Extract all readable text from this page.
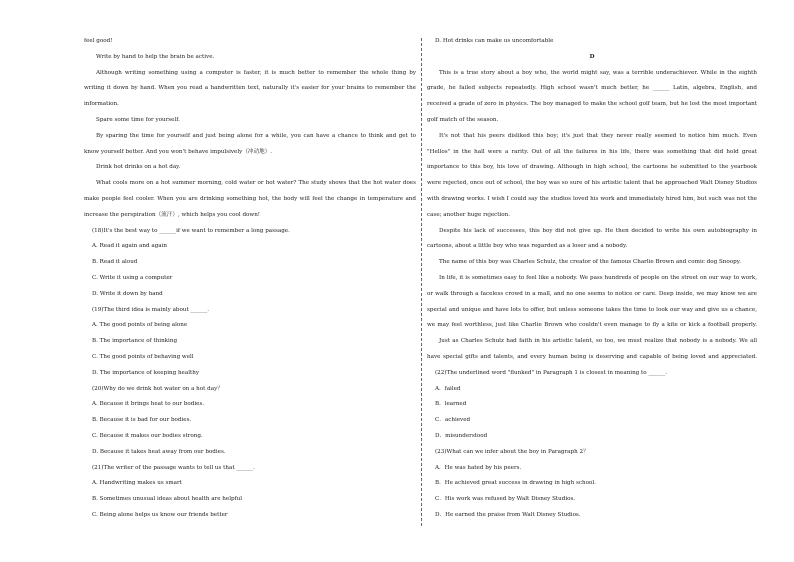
feel good!
Write by hand to help the brain be active.
Although writing something using a computer is faster, it is much better to remember the whole thing by
writing it down by hand. When you read a handwritten text, naturally it's easier for your brains to remember the
information.
Spare some time for yourself.
By sparing the time for yourself and just being alone for a while, you can have a chance to think and get to
know yourself better. And you won't behave impulsively（冲动地）.
Drink hot drinks on a hot day.
What cools more on a hot summer morning, cold water or hot water? The study shows that the hot water does
make people feel cooler. When you are drinking something hot, the body will feel the change in temperature and
increase the perspiration（流汗）, which helps you cool down!
(18)It's the best way to ______if we want to remember a long passage.
A. Read it again and again
B. Read it aloud
C. Write it using a computer
D. Write it down by hand
(19)The third idea is mainly about ______.
A. The good points of being alone
B. The importance of thinking
C. The good points of behaving well
D. The importance of keeping healthy
(20)Why do we drink hot water on a hot day？
A. Because it brings heat to our bodies.
B. Because it is bad for our bodies.
C. Because it makes our bodies strong.
D. Because it takes heat away from our bodies.
(21)The writer of the passage wants to tell us that ______.
A. Handwriting makes us smart
B. Sometimes unusual ideas about health are helpful
C. Being alone helps us know our friends better
D. Hot drinks can make us uncomfortable
D
This is a true story about a boy who, the world might say, was a terrible underachiever. While in the eighth
grade, he failed subjects repeatedly. High school wasn't much better, he ______ Latin, algebra, English, and
received a grade of zero in physics. The boy managed to make the school golf team, but he lost the most important
golf match of the season.
It's not that his peers disliked this boy; it's just that they never really seemed to notice him much. Even
"Hellos" in the hall were a rarity. Out of all the failures in his life, there was something that did hold great
importance to this boy, his love of drawing. Although in high school, the cartoons he submitted to the yearbook
were rejected, once out of school, the boy was so sure of his artistic talent that he approached Walt Disney Studios
with drawing works. I wish I could say the studios loved his work and immediately hired him, but such was not the
case; another huge rejection.
Despite his lack of successes, this boy did not give up. He then decided to write his own autobiography in
cartoons, about a little boy who was regarded as a loser and a nobody.
The name of this boy was Charles Schulz, the creator of the famous Charlie Brown and comic dog Snoopy.
In life, it is sometimes easy to feel like a nobody. We pass hundreds of people on the street on our way to work,
or walk through a faceless crowd in a mall, and no one seems to notice or care. Deep inside, we may know we are
special and unique and have lots to offer, but unless someone takes the time to look our way and give us a chance,
we may feel worthless, just like Charlie Brown who couldn't even manage to fly a kite or kick a football properly.
Just as Charles Schulz had faith in his artistic talent, so too, we must realize that nobody is a nobody. We all
have special gifts and talents, and every human being is deserving and capable of being loved and appreciated.
(22)The underlined word "flunked" in Paragraph 1 is closest in meaning to ______.
A．failed
B．learned
C．achieved
D．misunderstood
(23)What can we infer about the boy in Paragraph 2？
A．He was hated by his peers.
B．He achieved great success in drawing in high school.
C．His work was refused by Walt Disney Studios.
D．He earned the praise from Walt Disney Studios.
